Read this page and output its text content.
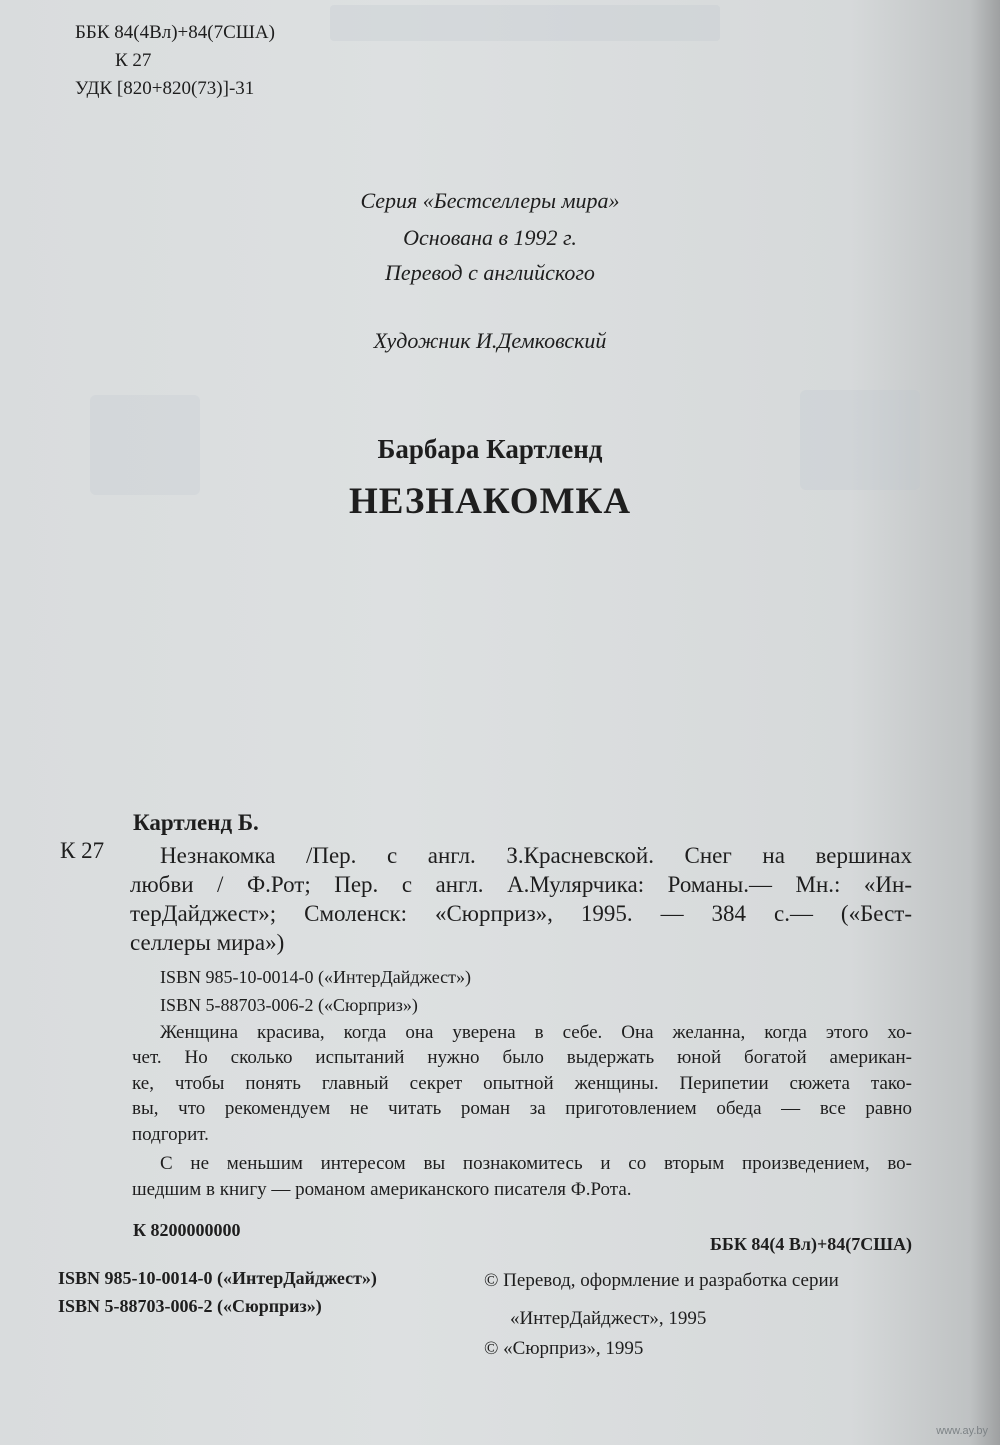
ББК 84(4Вл)+84(7США)
К 27
УДК [820+820(73)]-31
Серия «Бестселлеры мира»
Основана в 1992 г.
Перевод с английского
Художник И.Демковский
Барбара Картленд
НЕЗНАКОМКА
Картленд Б.
К 27 Незнакомка /Пер. с англ. З.Красневской. Снег на вершинах
любви / Ф.Рот; Пер. с англ. А.Мулярчика: Романы.— Мн.: «Ин-
терДайджест»; Смоленск: «Сюрприз», 1995. — 384 с.— («Бест-
селлеры мира»)
ISBN 985-10-0014-0 («ИнтерДайджест»)
ISBN 5-88703-006-2 («Сюрприз»)
Женщина красива, когда она уверена в себе. Она желанна, когда этого хо-
чет. Но сколько испытаний нужно было выдержать юной богатой американ-
ке, чтобы понять главный секрет опытной женщины. Перипетии сюжета тако-
вы, что рекомендуем не читать роман за приготовлением обеда — все равно
подгорит.
С не меньшим интересом вы познакомитесь и со вторым произведением, во-
шедшим в книгу — романом американского писателя Ф.Рота.
К 8200000000
ББК 84(4 Вл)+84(7США)
ISBN 985-10-0014-0 («ИнтерДайджест»)
ISBN 5-88703-006-2 («Сюрприз»)
© Перевод, оформление и разработка серии
«ИнтерДайджест», 1995
© «Сюрприз», 1995
www.ay.by
